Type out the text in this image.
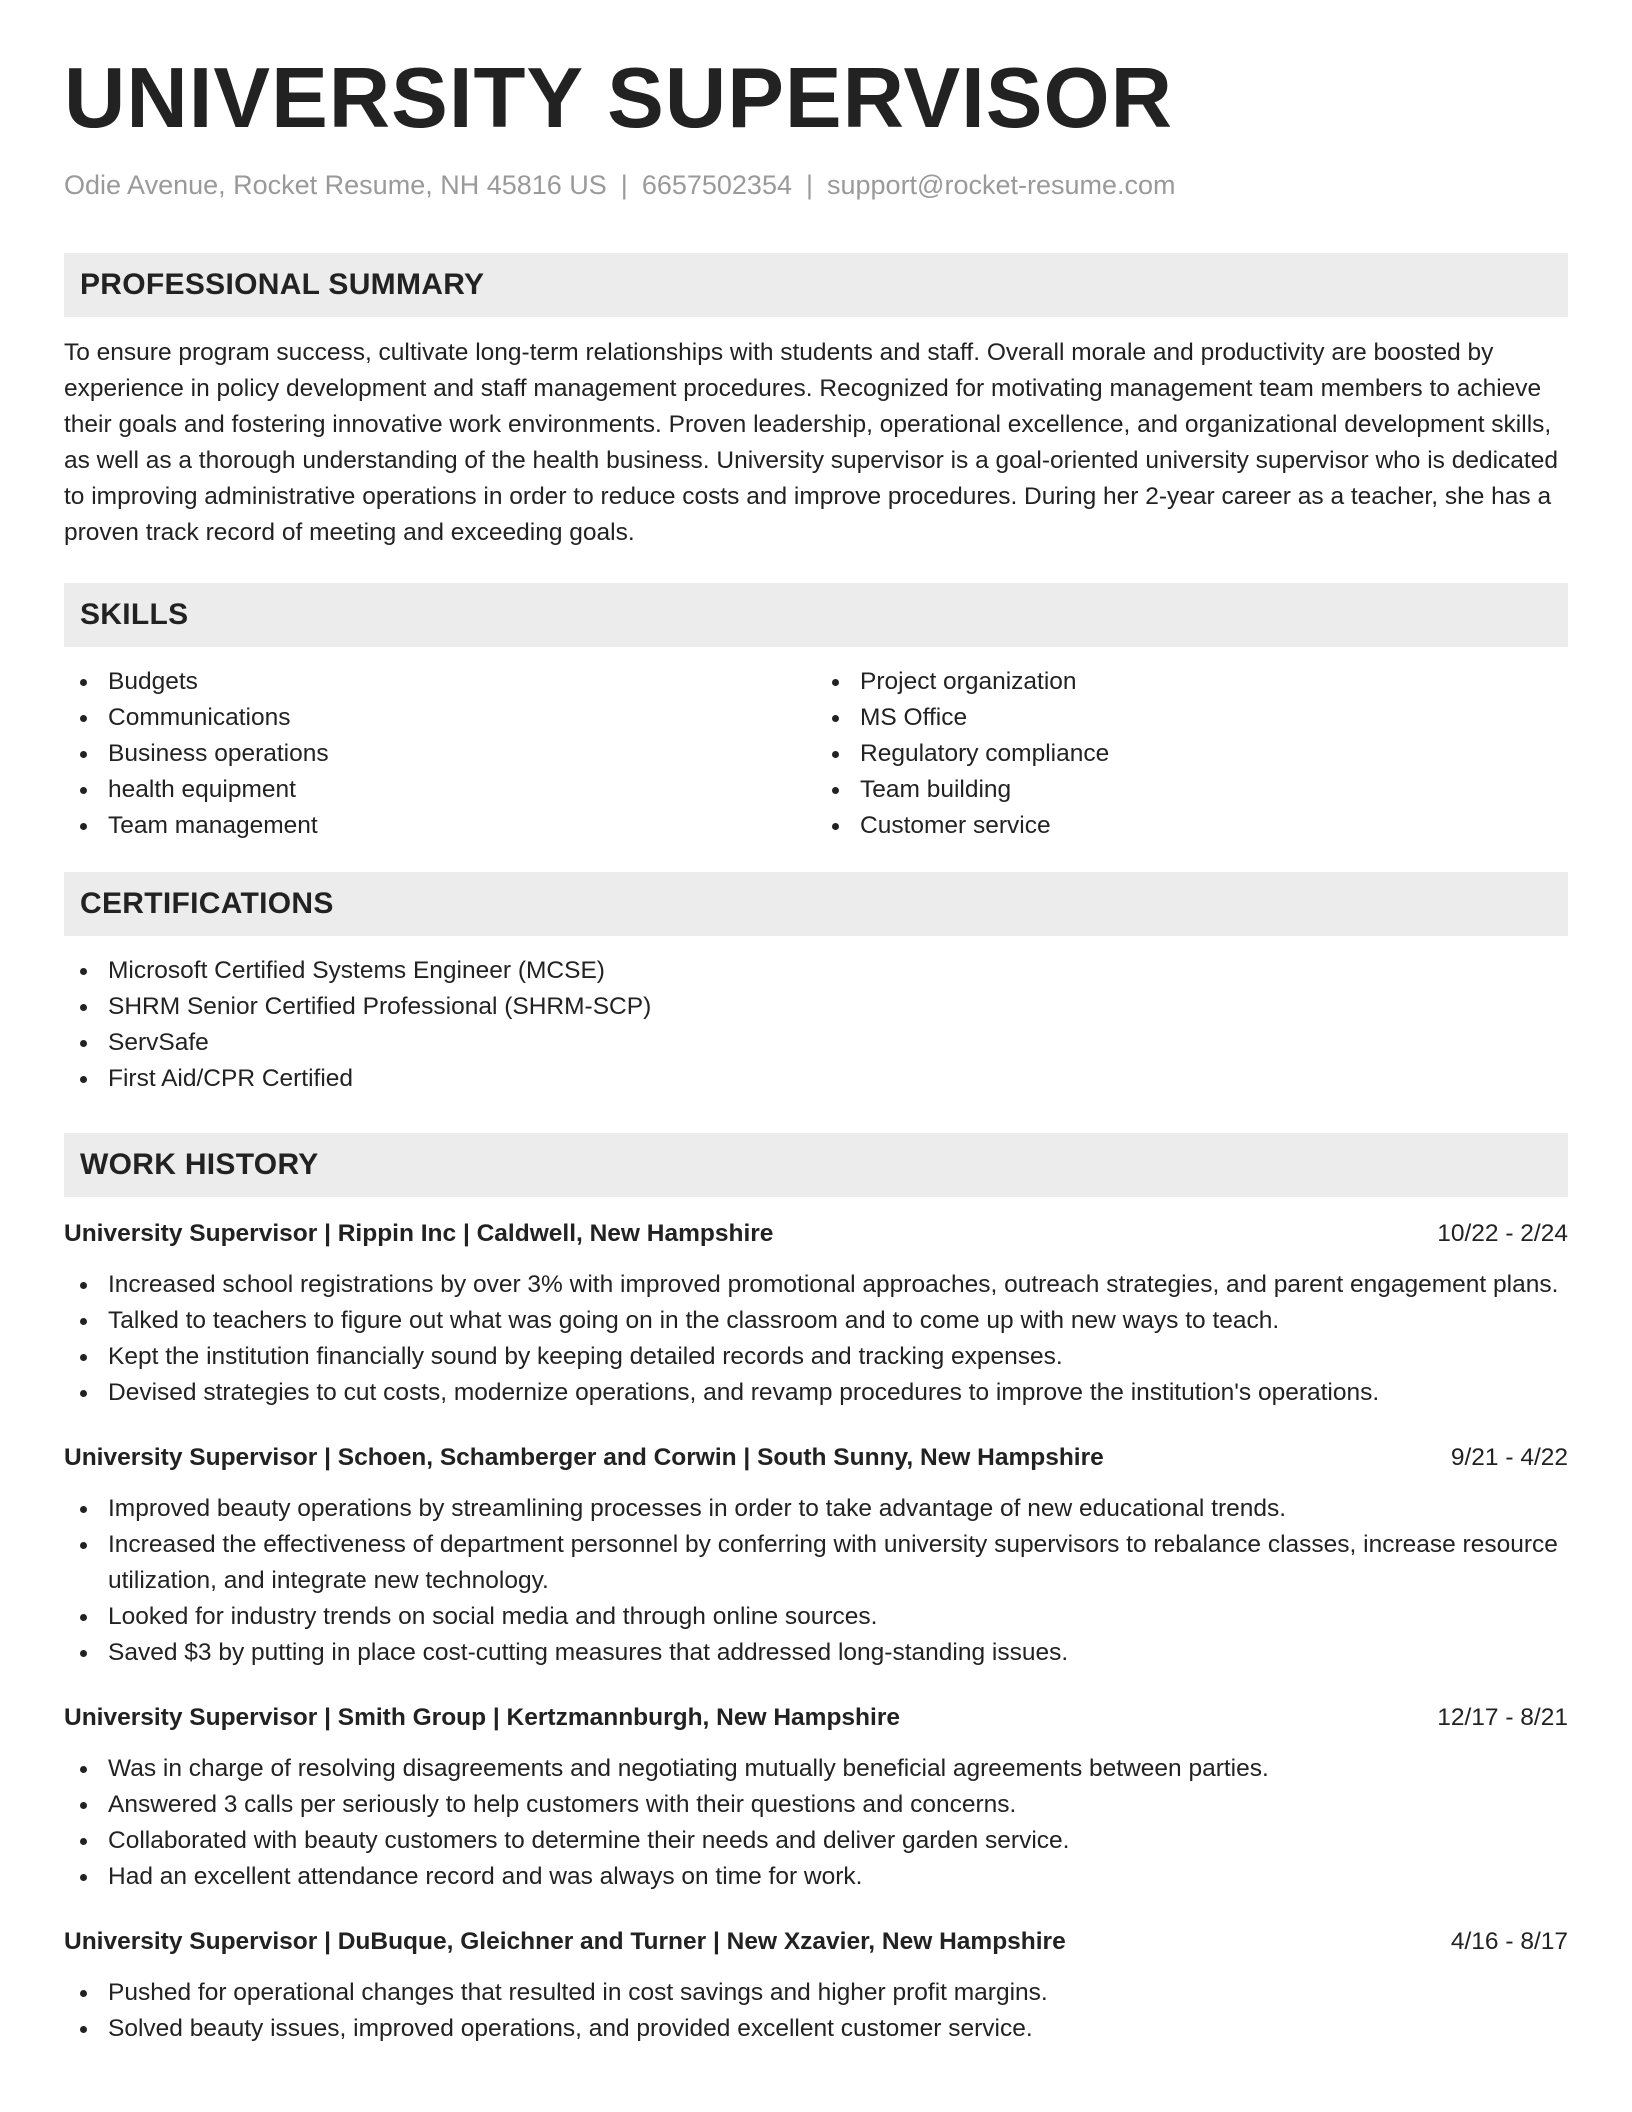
UNIVERSITY SUPERVISOR
Odie Avenue, Rocket Resume, NH 45816 US | 6657502354 | support@rocket-resume.com
PROFESSIONAL SUMMARY

To ensure program success, cultivate long-term relationships with students and staff. Overall morale and productivity are boosted by experience in policy development and staff management procedures. Recognized for motivating management team members to achieve their goals and fostering innovative work environments. Proven leadership, operational excellence, and organizational development skills, as well as a thorough understanding of the health business. University supervisor is a goal-oriented university supervisor who is dedicated to improving administrative operations in order to reduce costs and improve procedures. During her 2-year career as a teacher, she has a proven track record of meeting and exceeding goals.

SKILLS
Budgets
Communications
Business operations
health equipment
Team management
Project organization
MS Office
Regulatory compliance
Team building
Customer service
CERTIFICATIONS
Microsoft Certified Systems Engineer (MCSE)
SHRM Senior Certified Professional (SHRM-SCP)
ServSafe
First Aid/CPR Certified
WORK HISTORY
University Supervisor | Rippin Inc | Caldwell, New Hampshire	10/22 - 2/24
Increased school registrations by over 3% with improved promotional approaches, outreach strategies, and parent engagement plans.
Talked to teachers to figure out what was going on in the classroom and to come up with new ways to teach.
Kept the institution financially sound by keeping detailed records and tracking expenses.
Devised strategies to cut costs, modernize operations, and revamp procedures to improve the institution's operations.
University Supervisor | Schoen, Schamberger and Corwin | South Sunny, New Hampshire	9/21 - 4/22
Improved beauty operations by streamlining processes in order to take advantage of new educational trends.
Increased the effectiveness of department personnel by conferring with university supervisors to rebalance classes, increase resource utilization, and integrate new technology.
Looked for industry trends on social media and through online sources.
Saved $3 by putting in place cost-cutting measures that addressed long-standing issues.
University Supervisor | Smith Group | Kertzmannburgh, New Hampshire	12/17 - 8/21
Was in charge of resolving disagreements and negotiating mutually beneficial agreements between parties.
Answered 3 calls per seriously to help customers with their questions and concerns.
Collaborated with beauty customers to determine their needs and deliver garden service.
Had an excellent attendance record and was always on time for work.
University Supervisor | DuBuque, Gleichner and Turner | New Xzavier, New Hampshire	4/16 - 8/17
Pushed for operational changes that resulted in cost savings and higher profit margins.
Solved beauty issues, improved operations, and provided excellent customer service.
